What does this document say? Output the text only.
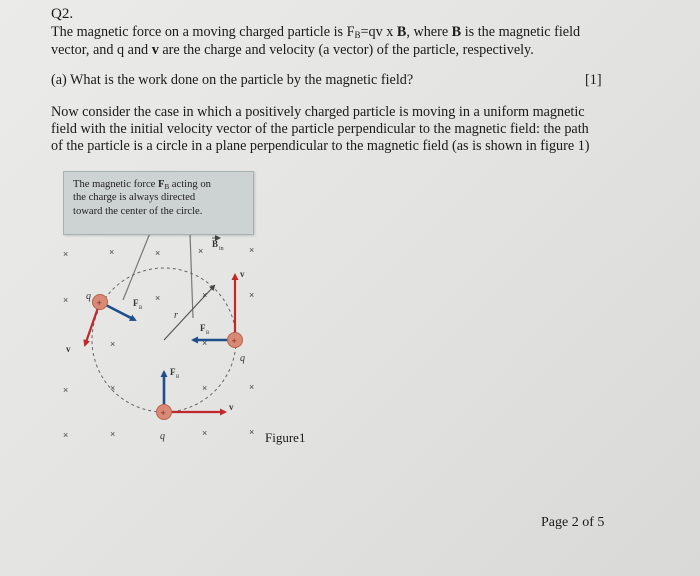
Q2.
The magnetic force on a moving charged particle is FB=qv x B, where B is the magnetic field
vector, and q and v are the charge and velocity (a vector) of the particle, respectively.
(a) What is the work done on the particle by the magnetic field?	[1]
Now consider the case in which a positively charged particle is moving in a uniform magnetic
field with the initial velocity vector of the particle perpendicular to the magnetic field: the path
of the particle is a circle in a plane perpendicular to the magnetic field (as is shown in figure 1)
r
×	×	×	×	×
×	×	×	×
×	×
×	×	×	×
×	×	×	×
B in
+
q
v
F
B
+
q
v
F
B
+
q
v
F
B
The magnetic force FB acting on
the charge is always directed
toward the center of the circle.
Figure1
Page 2 of 5
